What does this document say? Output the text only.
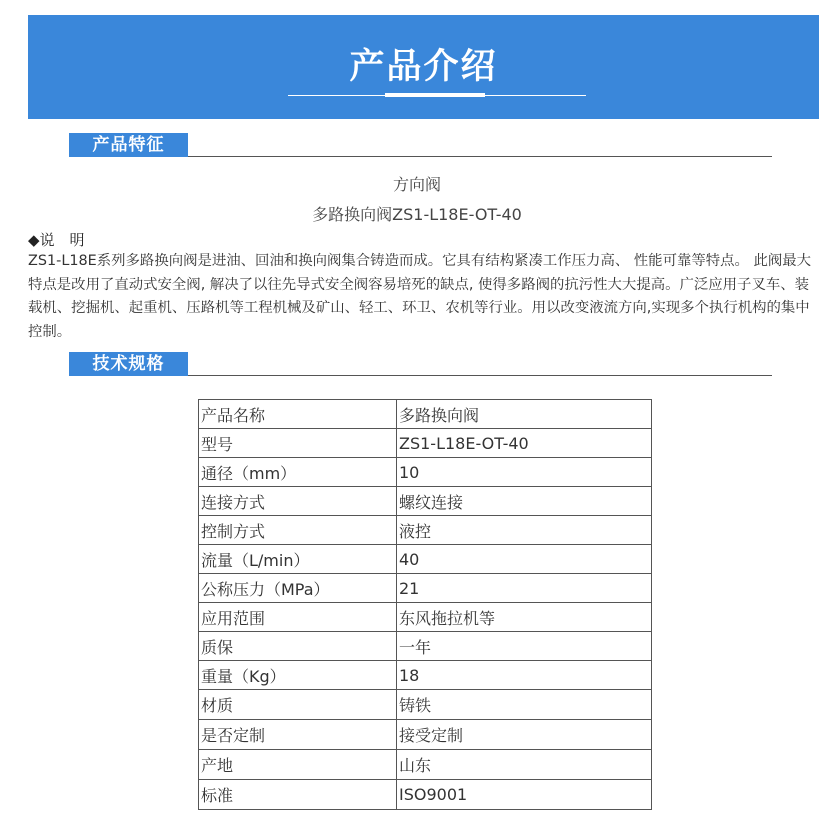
产品介绍
产品特征
方向阀
多路换向阀ZS1-L18E-OT-40
◆说　明
ZS1-L18E系列多路换向阀是进油、回油和换向阀集合铸造而成。它具有结构紧凑工作压力高、 性能可靠等特点。 此阀最大特点是改用了直动式安全阀, 解决了以往先导式安全阀容易培死的缺点, 使得多路阀的抗污性大大提高。广泛应用子叉车、装载机、挖掘机、起重机、压路机等工程机械及矿山、轻工、环卫、农机等行业。用以改变液流方向,实现多个执行机构的集中控制。
技术规格
产品名称	多路换向阀
型号	ZS1-L18E-OT-40
通径（mm）	10
连接方式	螺纹连接
控制方式	液控
流量（L/min）	40
公称压力（MPa）	21
应用范围	东风拖拉机等
质保	一年
重量（Kg）	18
材质	铸铁
是否定制	接受定制
产地	山东
标准	ISO9001
